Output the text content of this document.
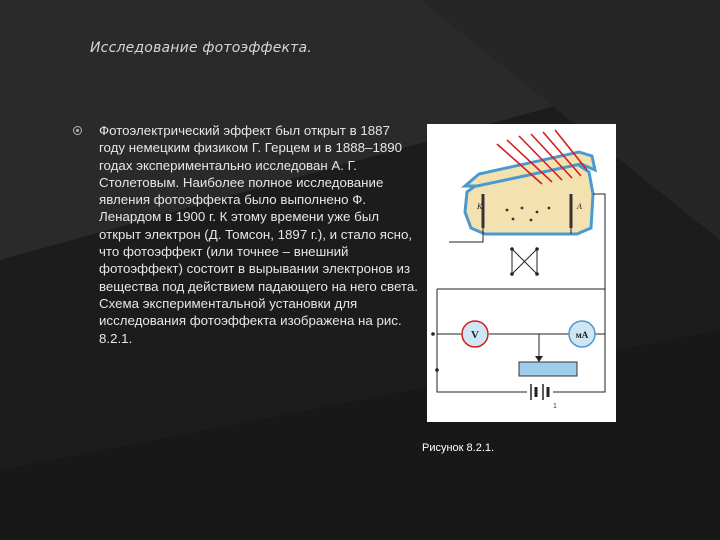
Исследование фотоэффекта.
Фотоэлектрический эффект был открыт в 1887 году немецким физиком Г. Герцем и в 1888–1890 годах экспериментально исследован А. Г. Столетовым. Наиболее полное исследование явления фотоэффекта было выполнено Ф. Ленардом в 1900 г. К этому времени уже был открыт электрон (Д. Томсон, 1897 г.), и стало ясно, что фотоэффект (или точнее – внешний фотоэффект) состоит в вырывании электронов из вещества под действием падающего на него света. Схема экспериментальной установки для исследования фотоэффекта изображена на рис. 8.2.1.
K	A
V	мА
1
Рисунок 8.2.1.
